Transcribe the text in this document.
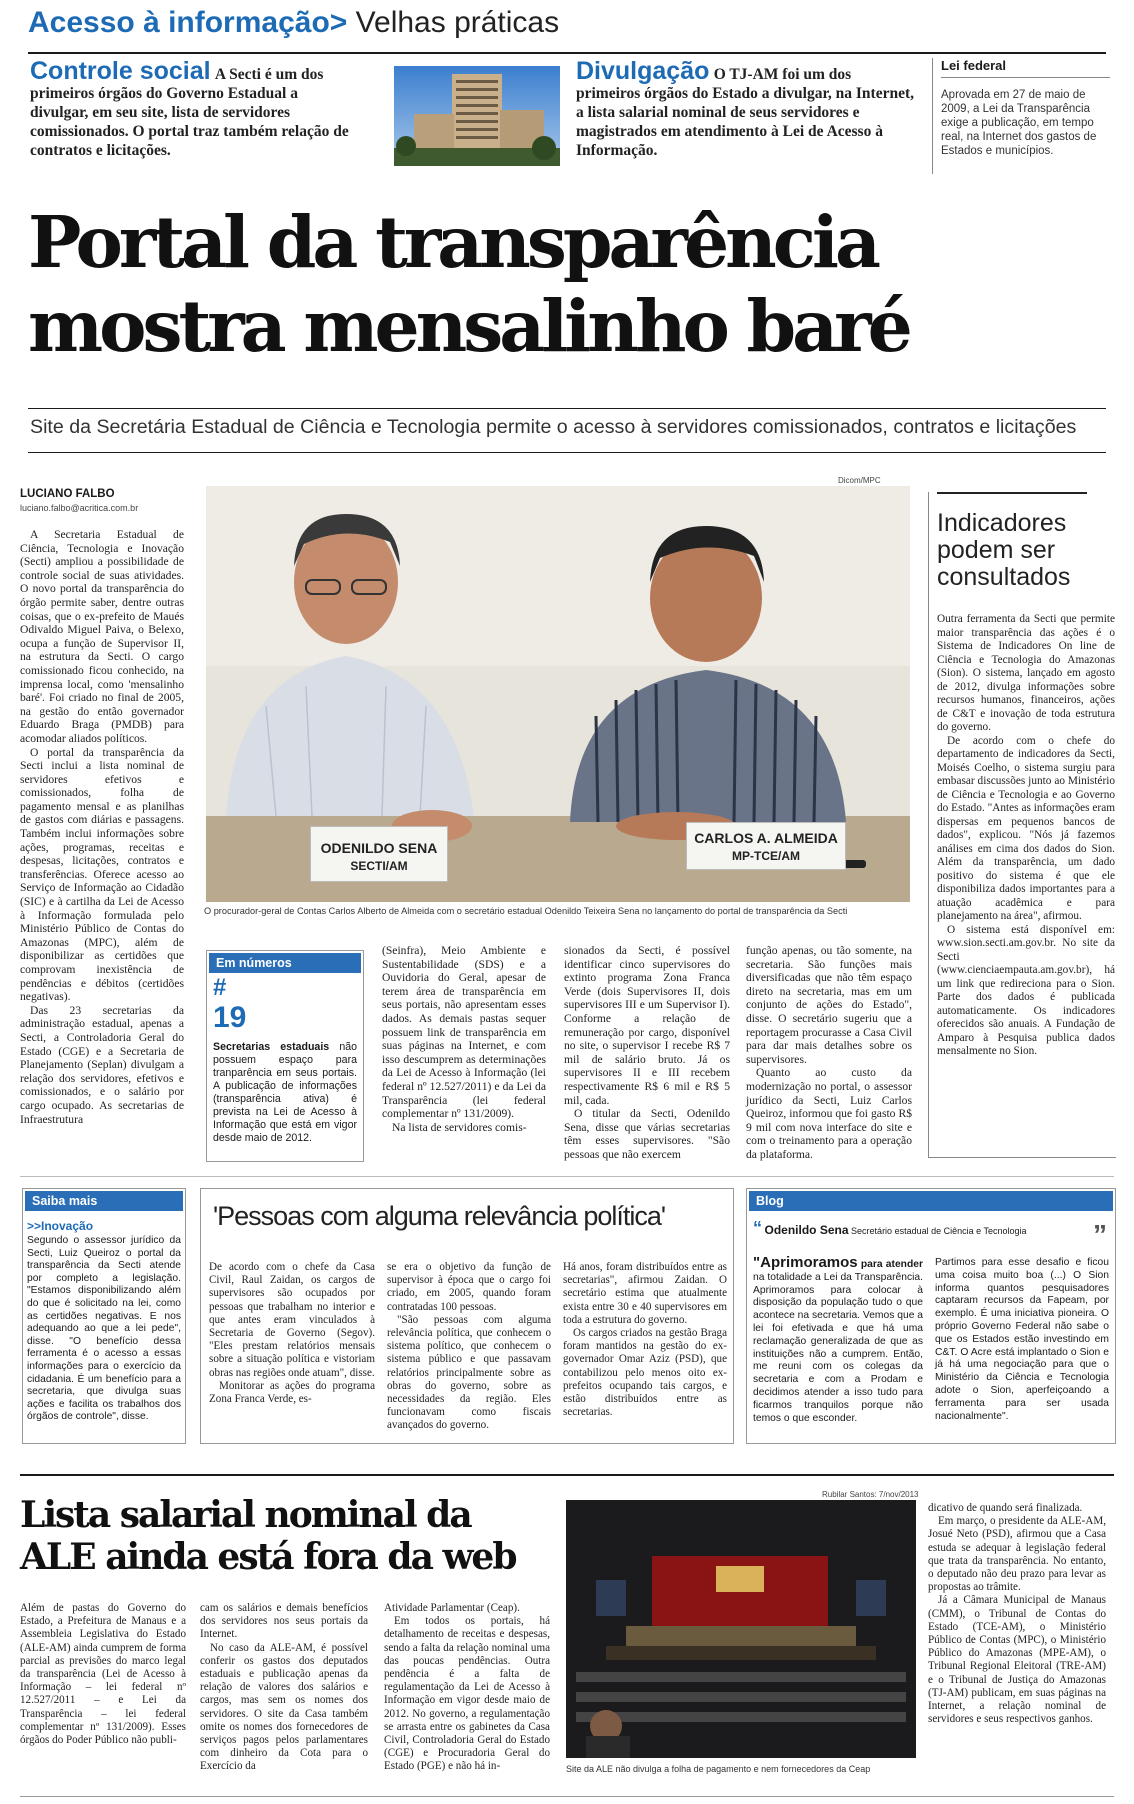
Acesso à informação> Velhas práticas
Controle social A Secti é um dos primeiros órgãos do Governo Estadual a divulgar, em seu site, lista de servidores comissionados. O portal traz também relação de contratos e licitações.
Divulgação O TJ-AM foi um dos primeiros órgãos do Estado a divulgar, na Internet, a lista salarial nominal de seus servidores e magistrados em atendimento à Lei de Acesso à Informação.
Lei federal
Aprovada em 27 de maio de 2009, a Lei da Transparência exige a publicação, em tempo real, na Internet dos gastos de Estados e municípios.
Portal da transparência
mostra mensalinho baré
Site da Secretária Estadual de Ciência e Tecnologia permite o acesso à servidores comissionados, contratos e licitações
LUCIANO FALBO
luciano.falbo@acritica.com.br

A Secretaria Estadual de Ciência, Tecnologia e Inovação (Secti) ampliou a possibilidade de controle social de suas atividades. O novo portal da transparência do órgão permite saber, dentre outras coisas, que o ex-prefeito de Maués Odivaldo Miguel Paiva, o Belexo, ocupa a função de Supervisor II, na estrutura da Secti. O cargo comissionado ficou conhecido, na imprensa local, como 'mensalinho baré'. Foi criado no final de 2005, na gestão do então governador Eduardo Braga (PMDB) para acomodar aliados políticos.

O portal da transparência da Secti inclui a lista nominal de servidores efetivos e comissionados, folha de pagamento mensal e as planilhas de gastos com diárias e passagens. Também inclui informações sobre ações, programas, receitas e despesas, licitações, contratos e transferências. Oferece acesso ao Serviço de Informação ao Cidadão (SIC) e à cartilha da Lei de Acesso à Informação formulada pelo Ministério Público de Contas do Amazonas (MPC), além de disponibilizar as certidões que comprovam inexistência de pendências e débitos (certidões negativas).

Das 23 secretarias da administração estadual, apenas a Secti, a Controladoria Geral do Estado (CGE) e a Secretaria de Planejamento (Seplan) divulgam a relação dos servidores, efetivos e comissionados, e o salário por cargo ocupado. As secretarias de Infraestrutura

Dicom/MPC
ODENILDO SENA
SECTI/AM
CARLOS A. ALMEIDA
MP-TCE/AM
O procurador-geral de Contas Carlos Alberto de Almeida com o secretário estadual Odenildo Teixeira Sena no lançamento do portal de transparência da Secti
Em números
#
19
Secretarias estaduais não possuem espaço para tranparência em seus portais. A publicação de informações (transparência ativa) é prevista na Lei de Acesso à Informação que está em vigor desde maio de 2012.

(Seinfra), Meio Ambiente e Sustentabilidade (SDS) e a Ouvidoria do Geral, apesar de terem área de transparência em seus portais, não apresentam esses dados. As demais pastas sequer possuem link de transparência em suas páginas na Internet, e com isso descumprem as determinações da Lei de Acesso à Informação (lei federal nº 12.527/2011) e da Lei da Transparência (lei federal complementar nº 131/2009).

Na lista de servidores comis-

sionados da Secti, é possível identificar cinco supervisores do extinto programa Zona Franca Verde (dois Supervisores II, dois supervisores III e um Supervisor I). Conforme a relação de remuneração por cargo, disponível no site, o supervisor I recebe R$ 7 mil de salário bruto. Já os supervisores II e III recebem respectivamente R$ 6 mil e R$ 5 mil, cada.

O titular da Secti, Odenildo Sena, disse que várias secretarias têm esses supervisores. "São pessoas que não exercem

função apenas, ou tão somente, na secretaria. São funções mais diversificadas que não têm espaço direto na secretaria, mas em um conjunto de ações do Estado", disse. O secretário sugeriu que a reportagem procurasse a Casa Civil para dar mais detalhes sobre os supervisores.

Quanto ao custo da modernização no portal, o assessor jurídico da Secti, Luiz Carlos Queiroz, informou que foi gasto R$ 9 mil com nova interface do site e com o treinamento para a operação da plataforma.

Indicadores podem ser consultados

Outra ferramenta da Secti que permite maior transparência das ações é o Sistema de Indicadores On line de Ciência e Tecnologia do Amazonas (Sion). O sistema, lançado em agosto de 2012, divulga informações sobre recursos humanos, financeiros, ações de C&T e inovação de toda estrutura do governo.

De acordo com o chefe do departamento de indicadores da Secti, Moisés Coelho, o sistema surgiu para embasar discussões junto ao Ministério de Ciência e Tecnologia e ao Governo do Estado. "Antes as informações eram dispersas em pequenos bancos de dados", explicou. "Nós já fazemos análises em cima dos dados do Sion. Além da transparência, um dado positivo do sistema é que ele disponibiliza dados importantes para a atuação acadêmica e para planejamento na área", afirmou.

O sistema está disponível em: www.sion.secti.am.gov.br. No site da Secti (www.cienciaempauta.am.gov.br), há um link que redireciona para o Sion. Parte dos dados é publicada automaticamente. Os indicadores oferecidos são anuais. A Fundação de Amparo à Pesquisa publica dados mensalmente no Sion.

Saiba mais
>>Inovação
Segundo o assessor jurídico da Secti, Luiz Queiroz o portal da transparência da Secti atende por completo a legislação. "Estamos disponibilizando além do que é solicitado na lei, como as certidões negativas. E nos adequando ao que a lei pede", disse. "O benefício dessa ferramenta é o acesso a essas informações para o exercício da cidadania. É um benefício para a secretaria, que divulga suas ações e facilita os trabalhos dos órgãos de controle", disse.
'Pessoas com alguma relevância política'

De acordo com o chefe da Casa Civil, Raul Zaidan, os cargos de supervisores são ocupados por pessoas que trabalham no interior e que antes eram vinculados à Secretaria de Governo (Segov). "Eles prestam relatórios mensais sobre a situação política e vistoriam obras nas regiões onde atuam", disse.

Monitorar as ações do programa Zona Franca Verde, es-

se era o objetivo da função de supervisor à época que o cargo foi criado, em 2005, quando foram contratadas 100 pessoas.

"São pessoas com alguma relevância política, que conhecem o sistema político, que conhecem o sistema público e que passavam relatórios principalmente sobre as obras do governo, sobre as necessidades da região. Eles funcionavam como fiscais avançados do governo.

Há anos, foram distribuídos entre as secretarias", afirmou Zaidan. O secretário estima que atualmente exista entre 30 e 40 supervisores em toda a estrutura do governo.

Os cargos criados na gestão Braga foram mantidos na gestão do ex-governador Omar Aziz (PSD), que contabilizou pelo menos oito ex-prefeitos ocupando tais cargos, e estão distribuídos entre as secretarias.

Blog
“ Odenildo Sena Secretário estadual de Ciência e Tecnologia	”
"Aprimoramos para atender na totalidade a Lei da Transparência. Aprimoramos para colocar à disposição da população tudo o que acontece na secretaria. Vemos que a lei foi efetivada e que há uma reclamação generalizada de que as instituições não a cumprem. Então, me reuni com os colegas da secretaria e com a Prodam e decidimos atender a isso tudo para ficarmos tranquilos porque não temos o que esconder.
Partimos para esse desafio e ficou uma coisa muito boa (...) O Sion informa quantos pesquisadores captaram recursos da Fapeam, por exemplo. É uma iniciativa pioneira. O próprio Governo Federal não sabe o que os Estados estão investindo em C&T. O Acre está implantado o Sion e já há uma negociação para que o Ministério da Ciência e Tecnologia adote o Sion, aperfeiçoando a ferramenta para ser usada nacionalmente".
Lista salarial nominal da
ALE ainda está fora da web

Além de pastas do Governo do Estado, a Prefeitura de Manaus e a Assembleia Legislativa do Estado (ALE-AM) ainda cumprem de forma parcial as previsões do marco legal da transparência (Lei de Acesso à Informação – lei federal nº 12.527/2011 – e Lei da Transparência – lei federal complementar nº 131/2009). Esses órgãos do Poder Público não publi-

cam os salários e demais benefícios dos servidores nos seus portais da Internet.

No caso da ALE-AM, é possível conferir os gastos dos deputados estaduais e publicação apenas da relação de valores dos salários e cargos, mas sem os nomes dos servidores. O site da Casa também omite os nomes dos fornecedores de serviços pagos pelos parlamentares com dinheiro da Cota para o Exercício da

Atividade Parlamentar (Ceap).

Em todos os portais, há detalhamento de receitas e despesas, sendo a falta da relação nominal uma das poucas pendências. Outra pendência é a falta de regulamentação da Lei de Acesso à Informação em vigor desde maio de 2012. No governo, a regulamentação se arrasta entre os gabinetes da Casa Civil, Controladoria Geral do Estado (CGE) e Procuradoria Geral do Estado (PGE) e não há in-

Rubilar Santos: 7/nov/2013
Site da ALE não divulga a folha de pagamento e nem fornecedores da Ceap

dicativo de quando será finalizada.

Em março, o presidente da ALE-AM, Josué Neto (PSD), afirmou que a Casa estuda se adequar à legislação federal que trata da transparência. No entanto, o deputado não deu prazo para levar as propostas ao trâmite.

Já a Câmara Municipal de Manaus (CMM), o Tribunal de Contas do Estado (TCE-AM), o Ministério Público de Contas (MPC), o Ministério Público do Amazonas (MPE-AM), o Tribunal Regional Eleitoral (TRE-AM) e o Tribunal de Justiça do Amazonas (TJ-AM) publicam, em suas páginas na Internet, a relação nominal de servidores e seus respectivos ganhos.
